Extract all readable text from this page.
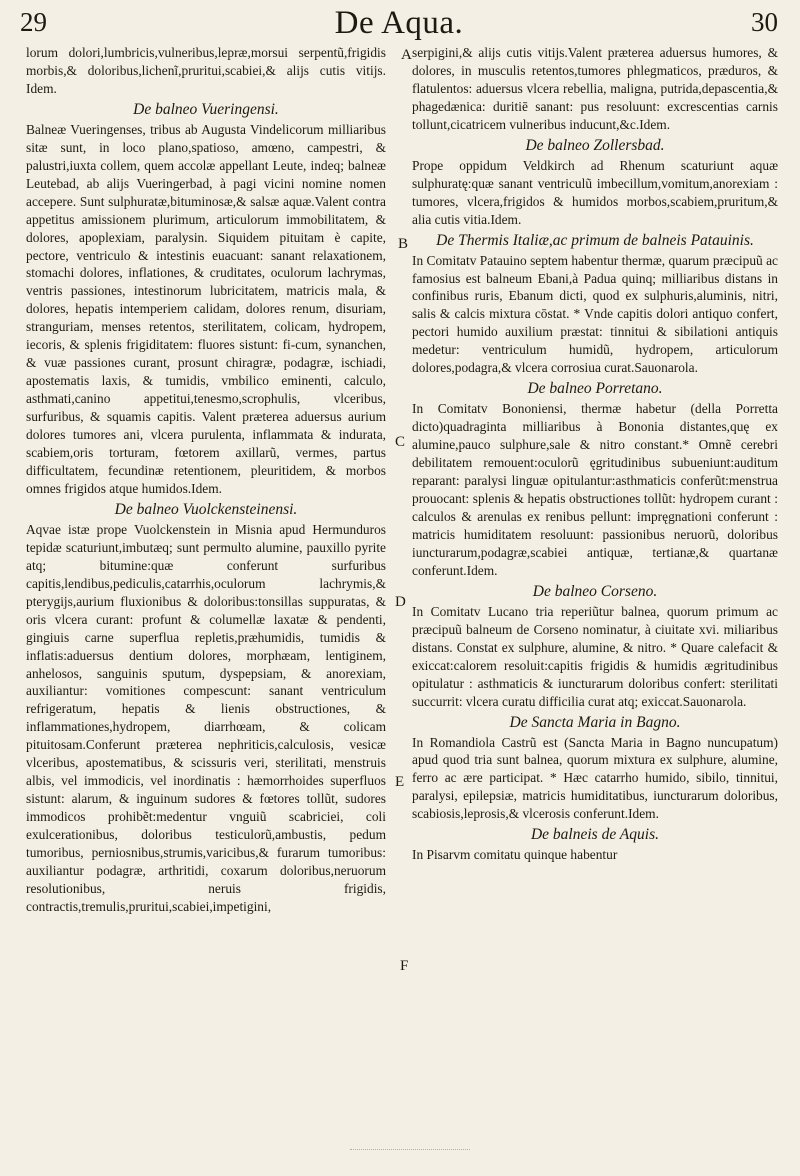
29	De Aqua.	30

lorum dolori,lumbricis,vulneribus,lepræ,morsui serpentũ,frigidis morbis,& doloribus,lichenĩ,pruritui,scabiei,& alijs cutis vitijs. Idem.

De balneo Vueringensi.

Balneæ Vueringenses, tribus ab Augusta Vindelicorum milliaribus sitæ sunt, in loco plano,spatioso, amœno, campestri, & palustri,iuxta collem, quem accolæ appellant Leute, indeq; balneæ Leutebad, ab alijs Vueringerbad, à pagi vicini nomine nomen accepere. Sunt sulphuratæ,bituminosæ,& salsæ aquæ.Valent contra appetitus amissionem plurimum, articulorum immobilitatem, & dolores, apoplexiam, paralysin. Siquidem pituitam è capite, pectore, ventriculo & intestinis euacuant: sanant relaxationem, stomachi dolores, inflationes, & cruditates, oculorum lachrymas, ventris passiones, intestinorum lubricitatem, matricis mala, & dolores, hepatis intemperiem calidam, dolores renum, disuriam, stranguriam, menses retentos, sterilitatem, colicam, hydropem, iecoris, & splenis frigiditatem: fluores sistunt: fi-cum, synanchen, & vuæ passiones curant, prosunt chiragræ, podagræ, ischiadi, apostematis laxis, & tumidis, vmbilico eminenti, calculo, asthmati,canino appetitui,tenesmo,scrophulis, vlceribus, surfuribus, & squamis capitis. Valent præterea aduersus aurium dolores tumores ani, vlcera purulenta, inflammata & indurata, scabiem,oris torturam, fœtorem axillarũ, vermes, partus difficultatem, fecundinæ retentionem, pleuritidem, & morbos omnes frigidos atque humidos.Idem.

De balneo Vuolckensteinensi.

Aqvae istæ prope Vuolckenstein in Misnia apud Hermunduros tepidæ scaturiunt,imbutæq; sunt permulto alumine, pauxillo pyrite atq; bitumine:quæ conferunt surfuribus capitis,lendibus,pediculis,catarrhis,oculorum lachrymis,& pterygijs,aurium fluxionibus & doloribus:tonsillas suppuratas, & oris vlcera curant: profunt & columellæ laxatæ & pendenti, gingiuis carne superflua repletis,præhumidis, tumidis & inflatis:aduersus dentium dolores, morphæam, lentiginem, anhelosos, sanguinis sputum, dyspepsiam, & anorexiam, auxiliantur: vomitiones compescunt: sanant ventriculum refrigeratum, hepatis & lienis obstructiones, & inflammationes,hydropem, diarrhœam, & colicam pituitosam.Conferunt præterea nephriticis,calculosis, vesicæ vlceribus, apostematibus, & scissuris veri, sterilitati, menstruis albis, vel immodicis, vel inordinatis : hæmorrhoides superfluos sistunt: alarum, & inguinum sudores & fœtores tollũt, sudores immodicos prohibẽt:medentur vnguiũ scabriciei, coli exulcerationibus, doloribus testiculorũ,ambustis, pedum tumoribus, perniosnibus,strumis,varicibus,& furarum tumoribus: auxiliantur podagræ, arthritidi, coxarum doloribus,neruorum resolutionibus, neruis frigidis, contractis,tremulis,pruritui,scabiei,impetigini,

serpigini,& alijs cutis vitijs.Valent præterea aduersus humores, & dolores, in musculis retentos,tumores phlegmaticos, præduros, & flatulentos: aduersus vlcera rebellia, maligna, putrida,depascentia,& phagedænica: duritiē sanant: pus resoluunt: excrescentias carnis tollunt,cicatricem vulneribus inducunt,&c.Idem.

De balneo Zollersbad.

Prope oppidum Veldkirch ad Rhenum scaturiunt aquæ sulphuratę:quæ sanant ventriculũ imbecillum,vomitum,anorexiam : tumores, vlcera,frigidos & humidos morbos,scabiem,pruritum,& alia cutis vitia.Idem.

De Thermis Italiæ,ac primum de balneis Patauinis.

In Comitatv Patauino septem habentur thermæ, quarum præcipuũ ac famosius est balneum Ebani,à Padua quinq; milliaribus distans in confinibus ruris, Ebanum dicti, quod ex sulphuris,aluminis, nitri, salis & calcis mixtura cōstat. * Vnde capitis dolori antiquo confert, pectori humido auxilium præstat: tinnitui & sibilationi antiquis medetur: ventriculum humidũ, hydropem, articulorum dolores,podagra,& vlcera corrosiua curat.Sauonarola.

De balneo Porretano.

In Comitatv Bononiensi, thermæ habetur (della Porretta dicto)quadraginta milliaribus à Bononia distantes,quę ex alumine,pauco sulphure,sale & nitro constant.* Omnẽ cerebri debilitatem remouent:oculorũ ęgritudinibus subueniunt:auditum reparant: paralysi linguæ opitulantur:asthmaticis conferũt:menstrua prouocant: splenis & hepatis obstructiones tollũt: hydropem curant : calculos & arenulas ex renibus pellunt: impręgnationi conferunt : matricis humiditatem resoluunt: passionibus neruorũ, doloribus iuncturarum,podagræ,scabiei antiquæ, tertianæ,& quartanæ conferunt.Idem.

De balneo Corseno.

In Comitatv Lucano tria reperiũtur balnea, quorum primum ac præcipuũ balneum de Corseno nominatur, à ciuitate xvi. miliaribus distans. Constat ex sulphure, alumine, & nitro. * Quare calefacit & exiccat:calorem resoluit:capitis frigidis & humidis ægritudinibus opitulatur : asthmaticis & iuncturarum doloribus confert: sterilitati succurrit: vlcera curatu difficilia curat atq; exiccat.Sauonarola.

De Sancta Maria in Bagno.

In Romandiola Castrũ est (Sancta Maria in Bagno nuncupatum) apud quod tria sunt balnea, quorum mixtura ex sulphure, alumine, ferro ac ære participat. * Hæc catarrho humido, sibilo, tinnitui, paralysi, epilepsiæ, matricis humiditatibus, iuncturarum doloribus, scabiosis,leprosis,& vlcerosis conferunt.Idem.

De balneis de Aquis.

In Pisarvm comitatu quinque habentur

A
B
C
D
E
F
